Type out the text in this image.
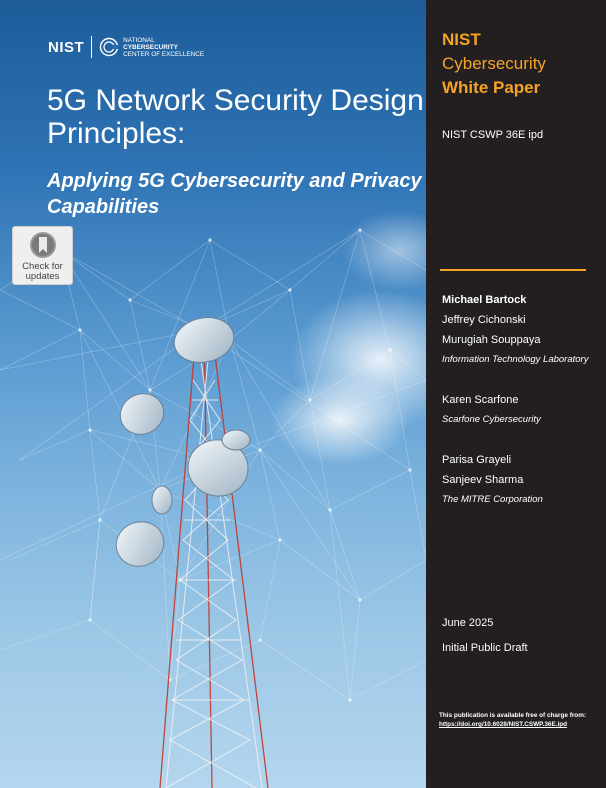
NIST	NATIONAL
CYBERSECURITY
CENTER OF EXCELLENCE
5G Network Security Design Principles:
Applying 5G Cybersecurity and Privacy Capabilities
Check for
updates
NIST
Cybersecurity
White Paper
NIST CSWP 36E ipd
Michael Bartock
Jeffrey Cichonski
Murugiah Souppaya
Information Technology Laboratory
Karen Scarfone
Scarfone Cybersecurity
Parisa Grayeli
Sanjeev Sharma
The MITRE Corporation
June 2025
Initial Public Draft
This publication is available free of charge from:
https://doi.org/10.6028/NIST.CSWP.36E.ipd
